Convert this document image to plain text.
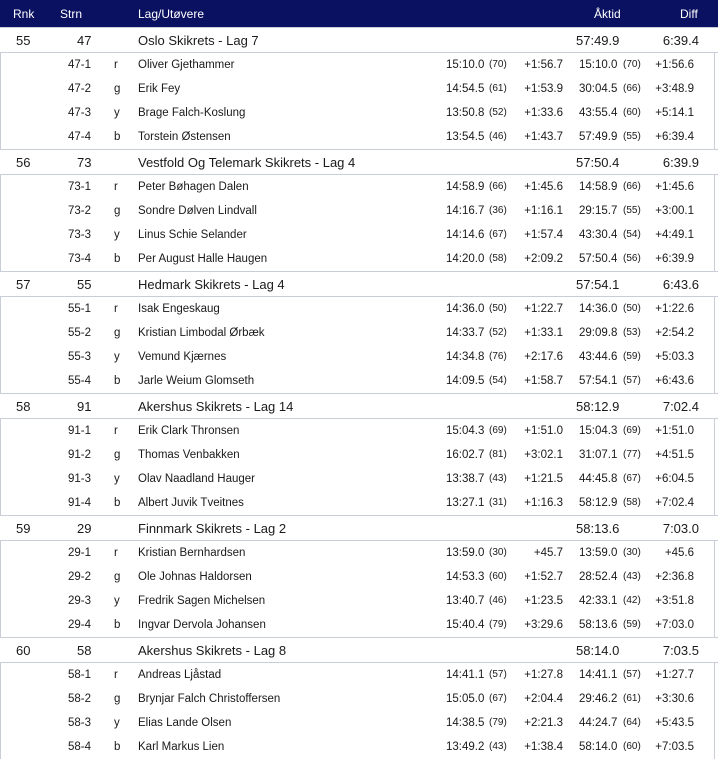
Rnk Strn	Lag/Utøvere	Åktid	Diff
55	47	Oslo Skikrets - Lag 7	57:49.9	6:39.4
47-1 r Oliver Gjethammer	15:10.0 (70) +1:56.7 15:10.0 (70) +1:56.6
47-2 g Erik Fey	14:54.5 (61) +1:53.9 30:04.5 (66) +3:48.9
47-3 y Brage Falch-Koslung	13:50.8 (52) +1:33.6 43:55.4 (60) +5:14.1
47-4 b Torstein Østensen	13:54.5 (46) +1:43.7 57:49.9 (55) +6:39.4
56	73	Vestfold Og Telemark Skikrets - Lag 4	57:50.4	6:39.9
73-1 r Peter Bøhagen Dalen	14:58.9 (66) +1:45.6 14:58.9 (66) +1:45.6
73-2 g Sondre Dølven Lindvall	14:16.7 (36) +1:16.1 29:15.7 (55) +3:00.1
73-3 y Linus Schie Selander	14:14.6 (67) +1:57.4 43:30.4 (54) +4:49.1
73-4 b Per August Halle Haugen	14:20.0 (58) +2:09.2 57:50.4 (56) +6:39.9
57	55	Hedmark Skikrets - Lag 4	57:54.1	6:43.6
55-1 r Isak Engeskaug	14:36.0 (50) +1:22.7 14:36.0 (50) +1:22.6
55-2 g Kristian Limbodal Ørbæk	14:33.7 (52) +1:33.1 29:09.8 (53) +2:54.2
55-3 y Vemund Kjærnes	14:34.8 (76) +2:17.6 43:44.6 (59) +5:03.3
55-4 b Jarle Weium Glomseth	14:09.5 (54) +1:58.7 57:54.1 (57) +6:43.6
58	91	Akershus Skikrets - Lag 14	58:12.9	7:02.4
91-1 r Erik Clark Thronsen	15:04.3 (69) +1:51.0 15:04.3 (69) +1:51.0
91-2 g Thomas Venbakken	16:02.7 (81) +3:02.1 31:07.1 (77) +4:51.5
91-3 y Olav Naadland Hauger	13:38.7 (43) +1:21.5 44:45.8 (67) +6:04.5
91-4 b Albert Juvik Tveitnes	13:27.1 (31) +1:16.3 58:12.9 (58) +7:02.4
59	29	Finnmark Skikrets - Lag 2	58:13.6	7:03.0
29-1 r Kristian Bernhardsen	13:59.0 (30) +45.7 13:59.0 (30) +45.6
29-2 g Ole Johnas Haldorsen	14:53.3 (60) +1:52.7 28:52.4 (43) +2:36.8
29-3 y Fredrik Sagen Michelsen	13:40.7 (46) +1:23.5 42:33.1 (42) +3:51.8
29-4 b Ingvar Dervola Johansen	15:40.4 (79) +3:29.6 58:13.6 (59) +7:03.0
60	58	Akershus Skikrets - Lag 8	58:14.0	7:03.5
58-1 r Andreas Ljåstad	14:41.1 (57) +1:27.8 14:41.1 (57) +1:27.7
58-2 g Brynjar Falch Christoffersen	15:05.0 (67) +2:04.4 29:46.2 (61) +3:30.6
58-3 y Elias Lande Olsen	14:38.5 (79) +2:21.3 44:24.7 (64) +5:43.5
58-4 b Karl Markus Lien	13:49.2 (43) +1:38.4 58:14.0 (60) +7:03.5
